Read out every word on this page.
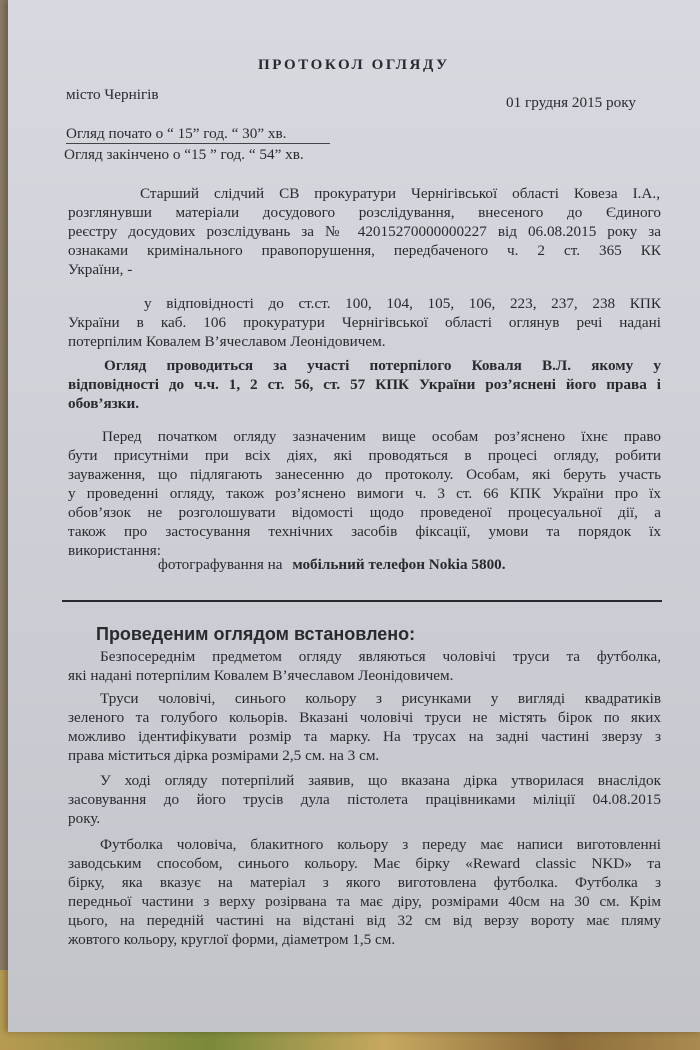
ПРОТОКОЛ ОГЛЯДУ
місто Чернігів	01 грудня 2015 року
Огляд почато о “ 15” год. “ 30” хв.
Огляд закінчено о “15 ” год. “ 54” хв.
Старший слідчий СВ прокуратури Чернігівської області Ковеза І.А.,
розглянувши матеріали досудового розслідування, внесеного до Єдиного
реєстру досудових розслідувань за № 42015270000000227 від 06.08.2015 року за
ознаками кримінального правопорушення, передбаченого ч. 2 ст. 365 КК
України, -
у відповідності до ст.ст. 100, 104, 105, 106, 223, 237, 238 КПК
України в каб. 106 прокуратури Чернігівської області оглянув речі надані
потерпілим Ковалем В’ячеславом Леонідовичем.
Огляд проводиться за участі потерпілого Коваля В.Л. якому у
відповідності до ч.ч. 1, 2 ст. 56, ст. 57 КПК України роз’яснені його права і
обов’язки.
Перед початком огляду зазначеним вище особам роз’яснено їхнє право
бути присутніми при всіх діях, які проводяться в процесі огляду, робити
зауваження, що підлягають занесенню до протоколу. Особам, які беруть участь
у проведенні огляду, також роз’яснено вимоги ч. 3 ст. 66 КПК України про їх
обов’язок не розголошувати відомості щодо проведеної процесуальної дії, а
також про застосування технічних засобів фіксації, умови та порядок їх
використання:
фотографування на мобільний телефон Nokia 5800.
Проведеним оглядом встановлено:
Безпосереднім предметом огляду являються чоловічі труси та футболка,
які надані потерпілим Ковалем В’ячеславом Леонідовичем.
Труси чоловічі, синього кольору з рисунками у вигляді квадратиків
зеленого та голубого кольорів. Вказані чоловічі труси не містять бірок по яких
можливо ідентифікувати розмір та марку. На трусах на задні частині зверзу з
права міститься дірка розмірами 2,5 см. на 3 см.
У ході огляду потерпілий заявив, що вказана дірка утворилася внаслідок
засовування до його трусів дула пістолета працівниками міліції 04.08.2015
року.
Футболка чоловіча, блакитного кольору з переду має написи виготовленні
заводським способом, синього кольору. Має бірку «Reward classic NKD» та
бірку, яка вказує на матеріал з якого виготовлена футболка. Футболка з
передньої частини з верху розірвана та має діру, розмірами 40см на 30 см. Крім
цього, на передній частині на відстані від 32 см від верзу вороту має пляму
жовтого кольору, круглої форми, діаметром 1,5 см.
